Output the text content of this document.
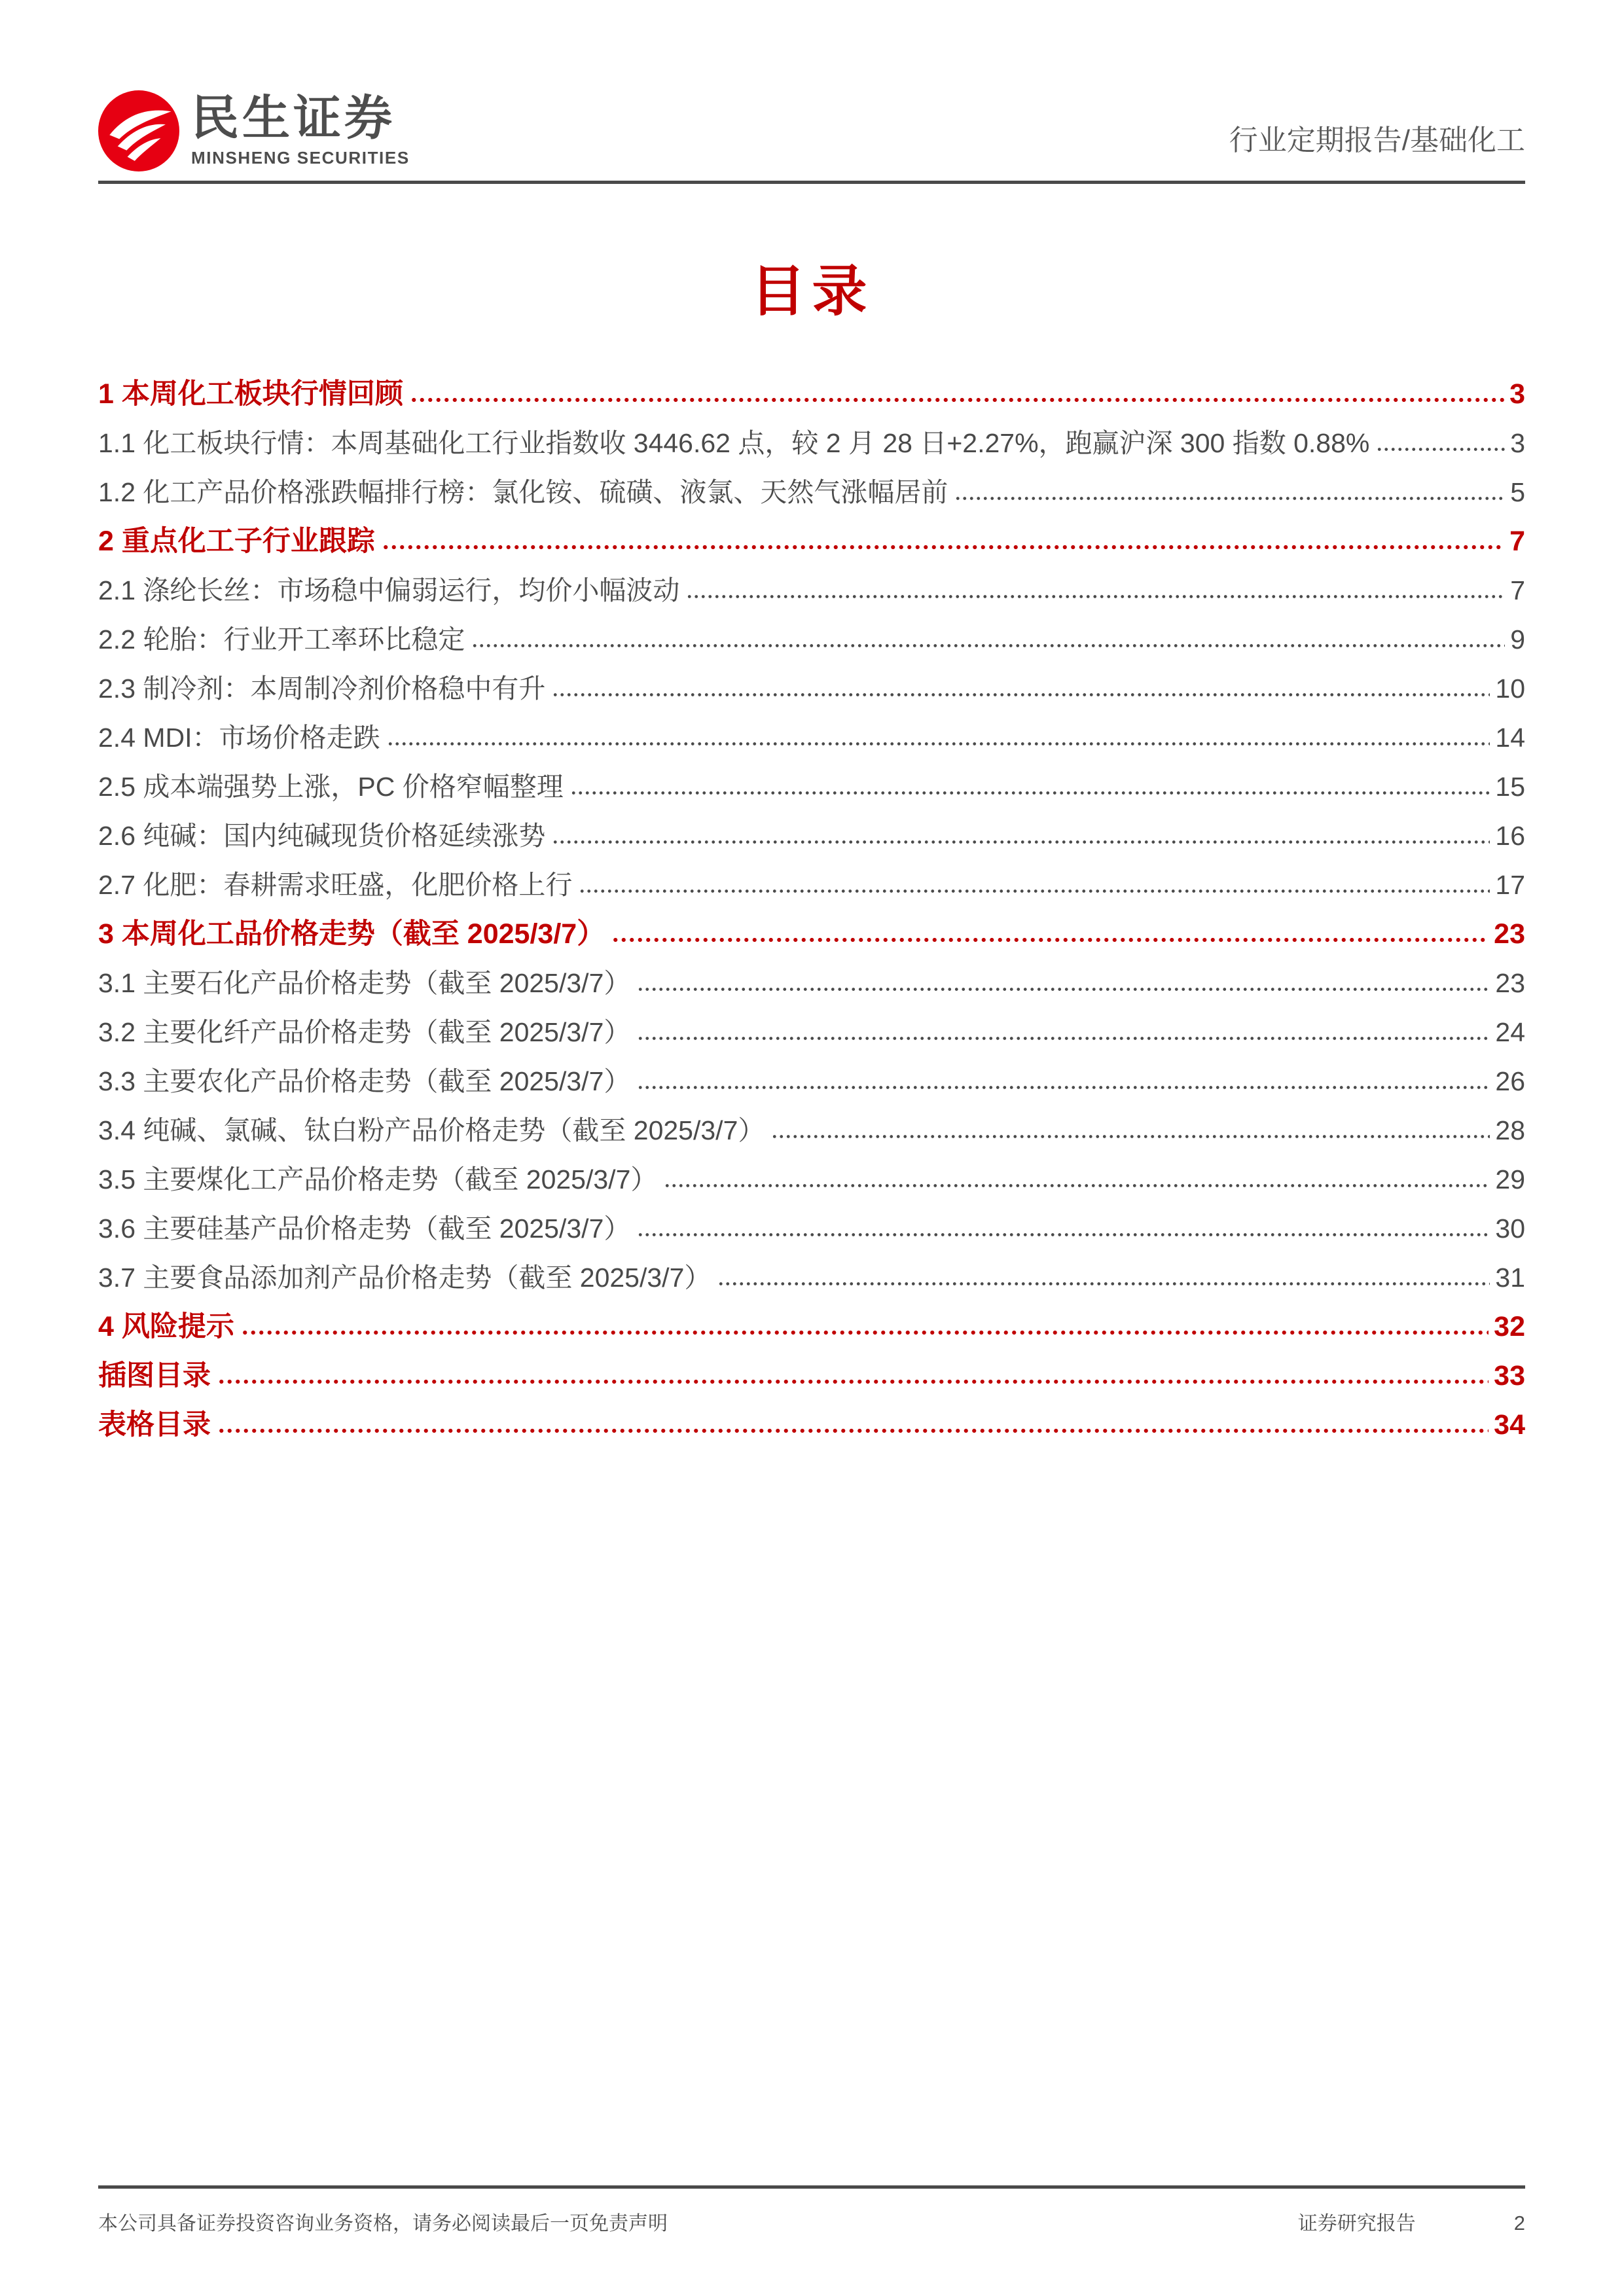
民生证券
MINSHENG SECURITIES
行业定期报告/基础化工
目录
1 本周化工板块行情回顾	3
1.1 化工板块行情：本周基础化工行业指数收 3446.62 点，较 2 月 28 日+2.27%，跑赢沪深 300 指数 0.88%	3
1.2 化工产品价格涨跌幅排行榜：氯化铵、硫磺、液氯、天然气涨幅居前	5
2 重点化工子行业跟踪	7
2.1 涤纶长丝：市场稳中偏弱运行，均价小幅波动	7
2.2 轮胎：行业开工率环比稳定	9
2.3 制冷剂：本周制冷剂价格稳中有升	10
2.4 MDI：市场价格走跌	14
2.5 成本端强势上涨，PC 价格窄幅整理	15
2.6 纯碱：国内纯碱现货价格延续涨势	16
2.7 化肥：春耕需求旺盛，化肥价格上行	17
3 本周化工品价格走势（截至 2025/3/7）	23
3.1 主要石化产品价格走势（截至 2025/3/7）	23
3.2 主要化纤产品价格走势（截至 2025/3/7）	24
3.3 主要农化产品价格走势（截至 2025/3/7）	26
3.4 纯碱、氯碱、钛白粉产品价格走势（截至 2025/3/7）	28
3.5 主要煤化工产品价格走势（截至 2025/3/7）	29
3.6 主要硅基产品价格走势（截至 2025/3/7）	30
3.7 主要食品添加剂产品价格走势（截至 2025/3/7）	31
4 风险提示	32
插图目录	33
表格目录	34
本公司具备证券投资咨询业务资格，请务必阅读最后一页免责声明	证券研究报告	2
